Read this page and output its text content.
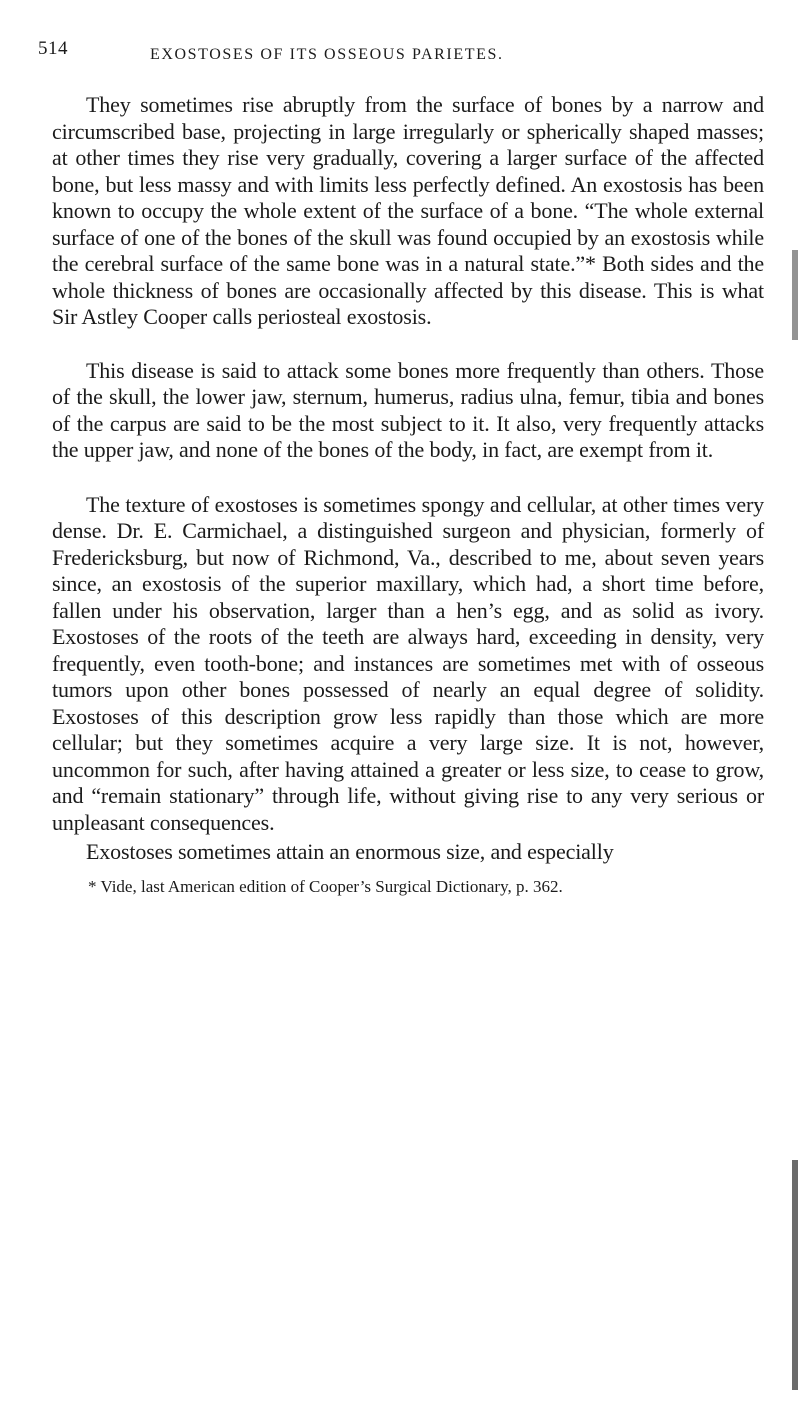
514	EXOSTOSES OF ITS OSSEOUS PARIETES.

They sometimes rise abruptly from the surface of bones by a narrow and circumscribed base, projecting in large irregularly or spherically shaped masses; at other times they rise very gradually, covering a larger surface of the affected bone, but less massy and with limits less perfectly defined. An exostosis has been known to occupy the whole extent of the surface of a bone. “The whole external surface of one of the bones of the skull was found occupied by an exostosis while the cerebral surface of the same bone was in a natural state.”* Both sides and the whole thickness of bones are occasionally affected by this disease. This is what Sir Astley Cooper calls periosteal exostosis.

This disease is said to attack some bones more frequently than others. Those of the skull, the lower jaw, sternum, humerus, radius ulna, femur, tibia and bones of the carpus are said to be the most subject to it. It also, very frequently attacks the upper jaw, and none of the bones of the body, in fact, are exempt from it.

The texture of exostoses is sometimes spongy and cellular, at other times very dense. Dr. E. Carmichael, a distinguished surgeon and physician, formerly of Fredericksburg, but now of Richmond, Va., described to me, about seven years since, an exostosis of the superior maxillary, which had, a short time before, fallen under his observation, larger than a hen’s egg, and as solid as ivory. Exostoses of the roots of the teeth are always hard, exceeding in density, very frequently, even tooth-bone; and instances are sometimes met with of osseous tumors upon other bones possessed of nearly an equal degree of solidity. Exostoses of this description grow less rapidly than those which are more cellular; but they sometimes acquire a very large size. It is not, however, uncommon for such, after having attained a greater or less size, to cease to grow, and “remain stationary” through life, without giving rise to any very serious or unpleasant consequences.

Exostoses sometimes attain an enormous size, and especially

* Vide, last American edition of Cooper’s Surgical Dictionary, p. 362.
